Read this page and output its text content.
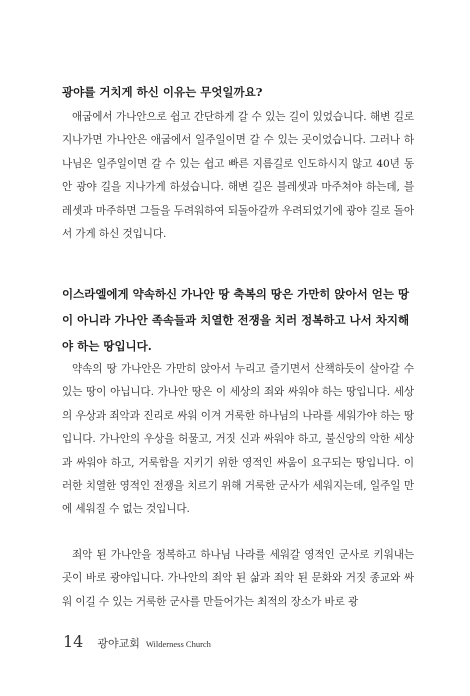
광야를 거치게 하신 이유는 무엇일까요?

애굽에서 가나안으로 쉽고 간단하게 갈 수 있는 길이 있었습니다. 해변 길로 지나가면 가나안은 애굽에서 일주일이면 갈 수 있는 곳이었습니다. 그러나 하나님은 일주일이면 갈 수 있는 쉽고 빠른 지름길로 인도하시지 않고 40년 동안 광야 길을 지나가게 하셨습니다. 해변 길은 블레셋과 마주쳐야 하는데, 블레셋과 마주하면 그들을 두려워하여 되돌아갈까 우려되었기에 광야 길로 돌아서 가게 하신 것입니다.

이스라엘에게 약속하신 가나안 땅 축복의 땅은 가만히 앉아서 얻는 땅이 아니라 가나안 족속들과 치열한 전쟁을 치러 정복하고 나서 차지해야 하는 땅입니다.

약속의 땅 가나안은 가만히 앉아서 누리고 즐기면서 산책하듯이 살아갈 수 있는 땅이 아닙니다. 가나안 땅은 이 세상의 죄와 싸워야 하는 땅입니다. 세상의 우상과 죄악과 진리로 싸워 이겨 거룩한 하나님의 나라를 세워가야 하는 땅입니다. 가나안의 우상을 허물고, 거짓 신과 싸워야 하고, 불신앙의 악한 세상과 싸워야 하고, 거룩함을 지키기 위한 영적인 싸움이 요구되는 땅입니다. 이러한 치열한 영적인 전쟁을 치르기 위해 거룩한 군사가 세워지는데, 일주일 만에 세워질 수 없는 것입니다.

죄악 된 가나안을 정복하고 하나님 나라를 세워갈 영적인 군사로 키워내는 곳이 바로 광야입니다. 가나안의 죄악 된 삶과 죄악 된 문화와 거짓 종교와 싸워 이길 수 있는 거룩한 군사를 만들어가는 최적의 장소가 바로 광

14 광야교회 Wilderness Church
